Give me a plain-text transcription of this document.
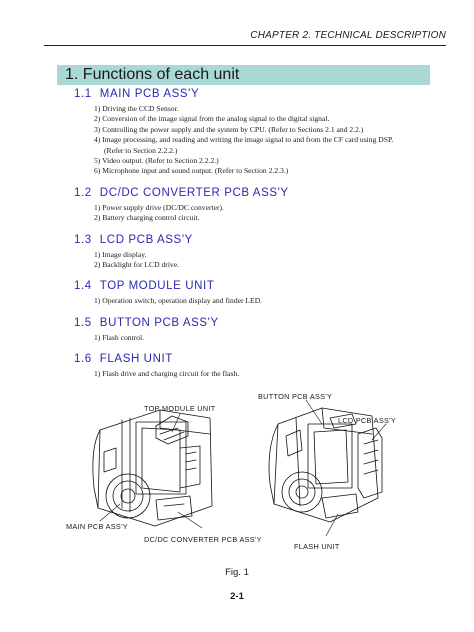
CHAPTER 2. TECHNICAL DESCRIPTION
1. Functions of each unit
1.1 MAIN PCB ASS'Y
1) Driving the CCD Sensor.
2) Conversion of the image signal from the analog signal to the digital signal.
3) Controlling the power supply and the system by CPU. (Refer to Sections 2.1 and 2.2.)
4) Image processing, and reading and writing the image signal to and from the CF card using DSP.
(Refer to Section 2.2.2.)
5) Video output. (Refer to Section 2.2.2.)
6) Microphone input and sound output. (Refer to Section 2.2.3.)
1.2 DC/DC CONVERTER PCB ASS'Y
1) Power supply drive (DC/DC converter).
2) Battery charging control circuit.
1.3 LCD PCB ASS'Y
1) Image display.
2) Backlight for LCD drive.
1.4 TOP MODULE UNIT
1) Operation switch, operation display and finder LED.
1.5 BUTTON PCB ASS'Y
1) Flash control.
1.6 FLASH UNIT
1) Flash drive and charging circuit for the flash.
TOP MODULE UNIT
MAIN PCB ASS'Y
DC/DC CONVERTER PCB ASS'Y
BUTTON PCB ASS'Y
LCD PCB ASS'Y
FLASH UNIT
Fig. 1
2-1
